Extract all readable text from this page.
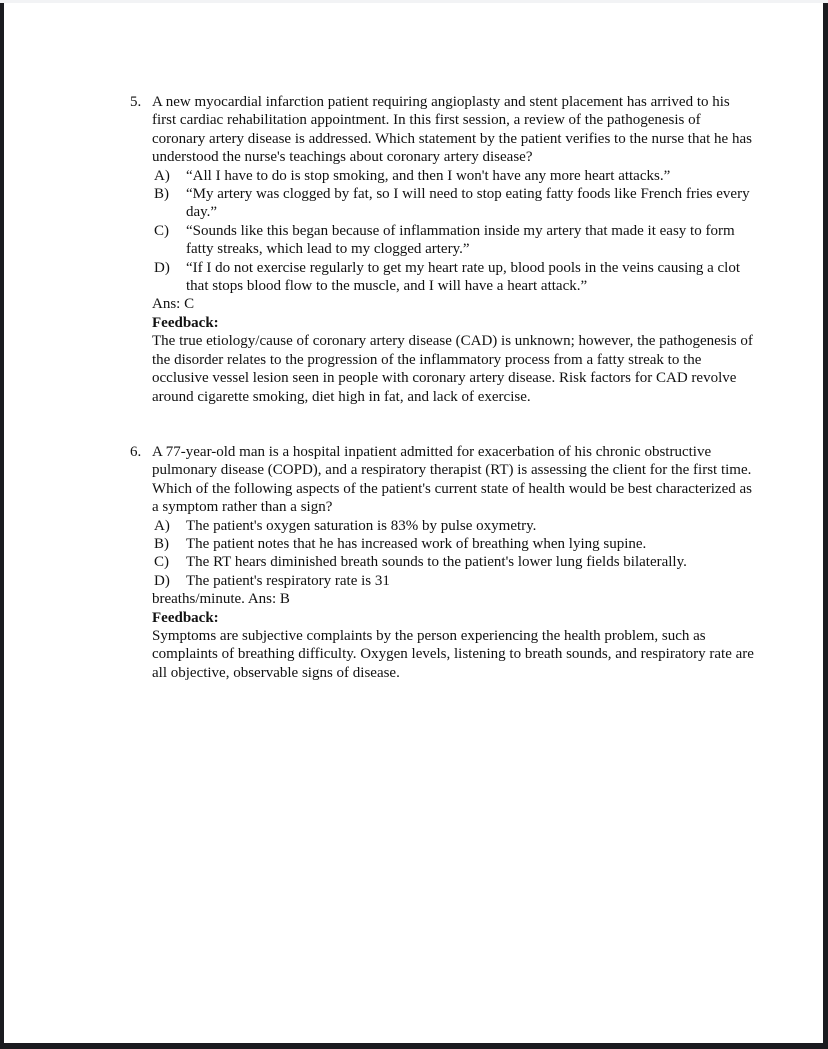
5. A new myocardial infarction patient requiring angioplasty and stent placement has arrived to his first cardiac rehabilitation appointment. In this first session, a review of the pathogenesis of coronary artery disease is addressed. Which statement by the patient verifies to the nurse that he has understood the nurse's teachings about coronary artery disease?

A)	“All I have to do is stop smoking, and then I won't have any more heart attacks.”
B)	“My artery was clogged by fat, so I will need to stop eating fatty foods like French fries every day.”
C)	“Sounds like this began because of inflammation inside my artery that made it easy to form fatty streaks, which lead to my clogged artery.”
D)	“If I do not exercise regularly to get my heart rate up, blood pools in the veins causing a clot that stops blood flow to the muscle, and I will have a heart attack.”

Ans: C

Feedback:

The true etiology/cause of coronary artery disease (CAD) is unknown; however, the pathogenesis of the disorder relates to the progression of the inflammatory process from a fatty streak to the occlusive vessel lesion seen in people with coronary artery disease. Risk factors for CAD revolve around cigarette smoking, diet high in fat, and lack of exercise.

6. A 77-year-old man is a hospital inpatient admitted for exacerbation of his chronic obstructive pulmonary disease (COPD), and a respiratory therapist (RT) is assessing the client for the first time. Which of the following aspects of the patient's current state of health would be best characterized as a symptom rather than a sign?

A)	The patient's oxygen saturation is 83% by pulse oxymetry.
B)	The patient notes that he has increased work of breathing when lying supine.
C)	The RT hears diminished breath sounds to the patient's lower lung fields bilaterally.
D)	The patient's respiratory rate is 31

breaths/minute. Ans: B

Feedback:

Symptoms are subjective complaints by the person experiencing the health problem, such as complaints of breathing difficulty. Oxygen levels, listening to breath sounds, and respiratory rate are all objective, observable signs of disease.
